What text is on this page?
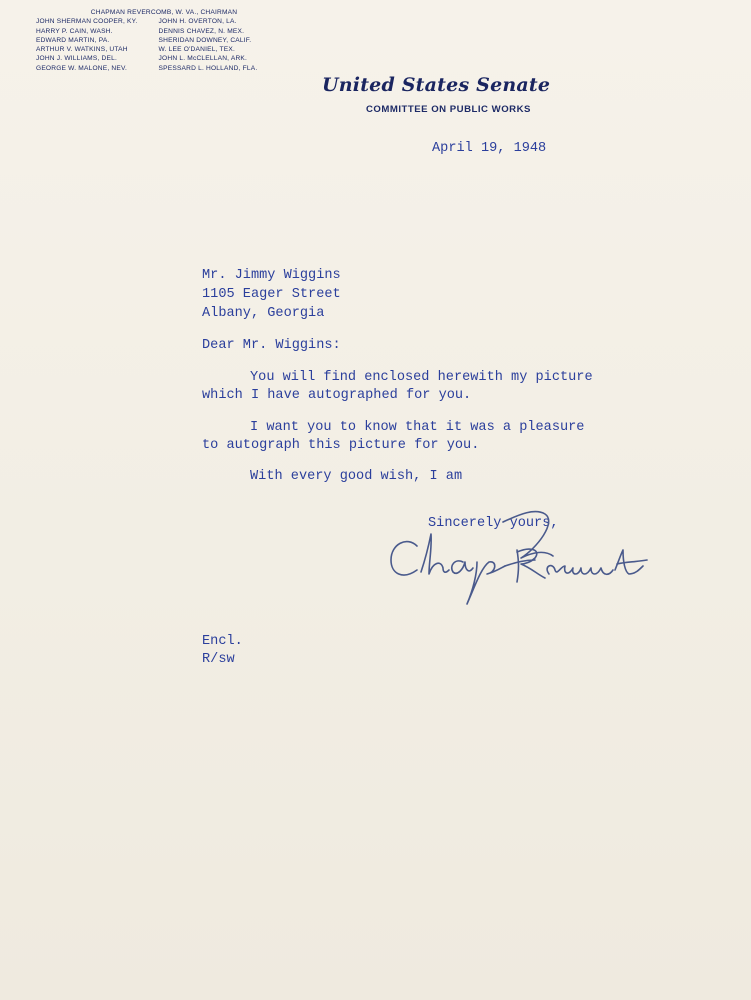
CHAPMAN REVERCOMB, W. VA., CHAIRMAN
JOHN SHERMAN COOPER, KY.
HARRY P. CAIN, WASH.
EDWARD MARTIN, PA.
ARTHUR V. WATKINS, UTAH
JOHN J. WILLIAMS, DEL.
GEORGE W. MALONE, NEV.
JOHN H. OVERTON, LA.
DENNIS CHAVEZ, N. MEX.
SHERIDAN DOWNEY, CALIF.
W. LEE O'DANIEL, TEX.
JOHN L. McCLELLAN, ARK.
SPESSARD L. HOLLAND, FLA.
United States Senate
COMMITTEE ON PUBLIC WORKS
April 19, 1948
Mr. Jimmy Wiggins
1105 Eager Street
Albany, Georgia
Dear Mr. Wiggins:
You will find enclosed herewith my picture
which I have autographed for you.
I want you to know that it was a pleasure
to autograph this picture for you.
With every good wish, I am
Sincerely yours,
Encl.
R/sw
